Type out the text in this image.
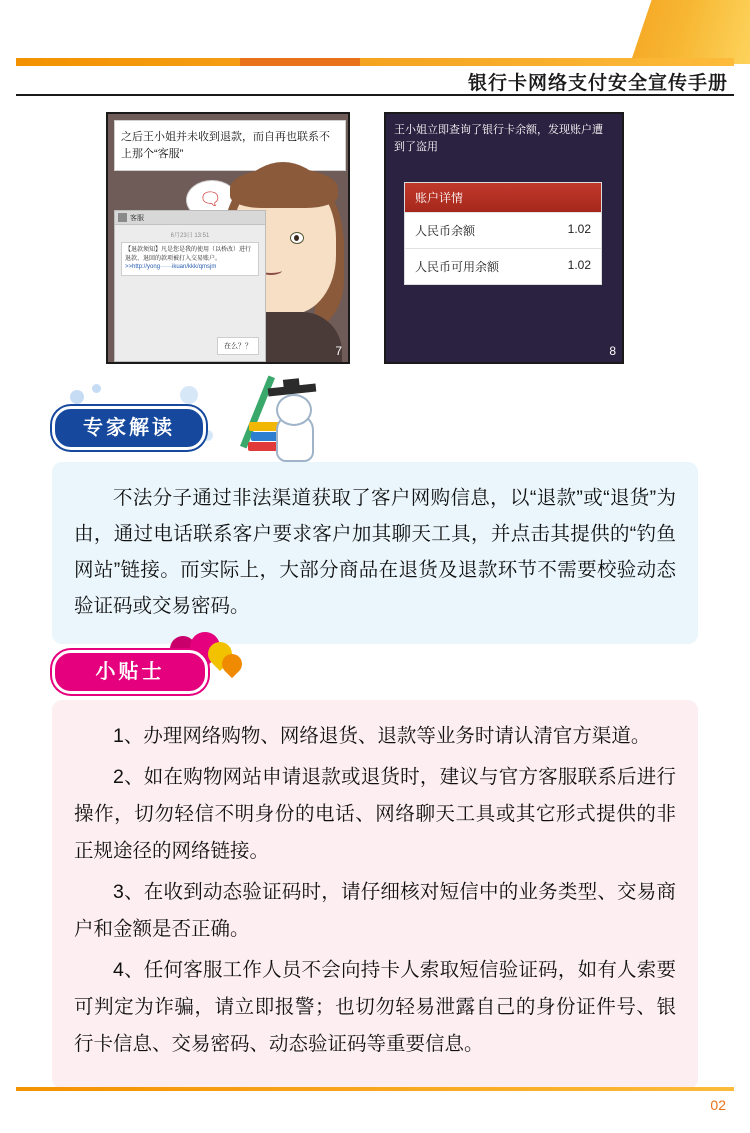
银行卡网络支付安全宣传手册
之后王小姐并未收到退款，而自再也联系不上那个“客服”
🗨
客服
6月23日 13:51
【退款须知】凡是您是我的使用（以桥改）进行退款、退回的款项被打入交易账户。
>>http://yong······ikuan/kkk/qmsjm
在么？？	7
王小姐立即查询了银行卡余额，发现账户遭到了盗用
账户详情
人民币余额	1.02
人民币可用余额	1.02
8
专家解读

不法分子通过非法渠道获取了客户网购信息，以“退款”或“退货”为由，通过电话联系客户要求客户加其聊天工具，并点击其提供的“钓鱼网站”链接。而实际上，大部分商品在退货及退款环节不需要校验动态验证码或交易密码。

小贴士

1、办理网络购物、网络退货、退款等业务时请认清官方渠道。

2、如在购物网站申请退款或退货时，建议与官方客服联系后进行操作，切勿轻信不明身份的电话、网络聊天工具或其它形式提供的非正规途径的网络链接。

3、在收到动态验证码时，请仔细核对短信中的业务类型、交易商户和金额是否正确。

4、任何客服工作人员不会向持卡人索取短信验证码，如有人索要可判定为诈骗，请立即报警；也切勿轻易泄露自己的身份证件号、银行卡信息、交易密码、动态验证码等重要信息。

02
